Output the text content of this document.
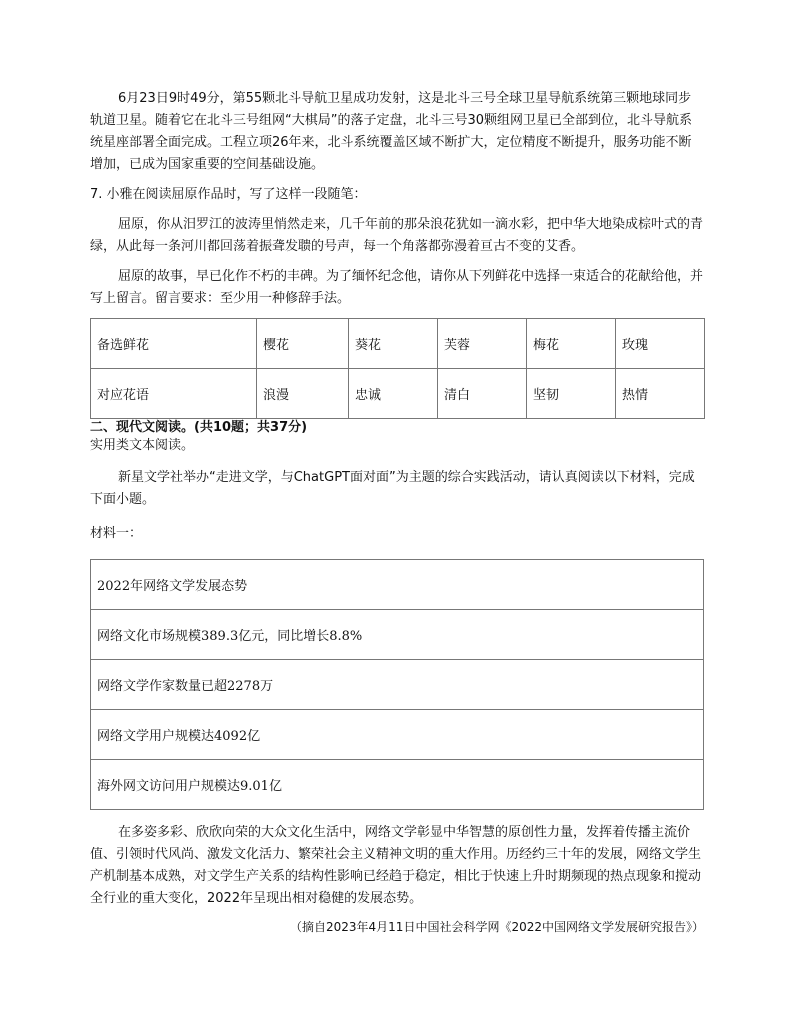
6月23日9时49分，第55颗北斗导航卫星成功发射，这是北斗三号全球卫星导航系统第三颗地球同步轨道卫星。随着它在北斗三号组网“大棋局”的落子定盘，北斗三号30颗组网卫星已全部到位，北斗导航系统星座部署全面完成。工程立项26年来，北斗系统覆盖区域不断扩大，定位精度不断提升，服务功能不断增加，已成为国家重要的空间基础设施。

7. 小雅在阅读屈原作品时，写了这样一段随笔：

屈原，你从汨罗江的波涛里悄然走来，几千年前的那朵浪花犹如一滴水彩，把中华大地染成棕叶式的青绿，从此每一条河川都回荡着振聋发聩的号声，每一个角落都弥漫着亘古不变的艾香。

屈原的故事，早已化作不朽的丰碑。为了缅怀纪念他，请你从下列鲜花中选择一束适合的花献给他，并写上留言。留言要求：至少用一种修辞手法。

备选鲜花	樱花	葵花	芙蓉	梅花	玫瑰
对应花语	浪漫	忠诚	清白	坚韧	热情

二、现代文阅读。(共10题；共37分)

实用类文本阅读。

新星文学社举办“走进文学，与ChatGPT面对面”为主题的综合实践活动，请认真阅读以下材料，完成下面小题。

材料一：

2022年网络文学发展态势
网络文化市场规模389.3亿元，同比增长8.8%
网络文学作家数量已超2278万
网络文学用户规模达4092亿
海外网文访问用户规模达9.01亿

在多姿多彩、欣欣向荣的大众文化生活中，网络文学彰显中华智慧的原创性力量，发挥着传播主流价值、引领时代风尚、激发文化活力、繁荣社会主义精神文明的重大作用。历经约三十年的发展，网络文学生产机制基本成熟，对文学生产关系的结构性影响已经趋于稳定，相比于快速上升时期频现的热点现象和搅动全行业的重大变化，2022年呈现出相对稳健的发展态势。

（摘自2023年4月11日中国社会科学网《2022中国网络文学发展研究报告》）
